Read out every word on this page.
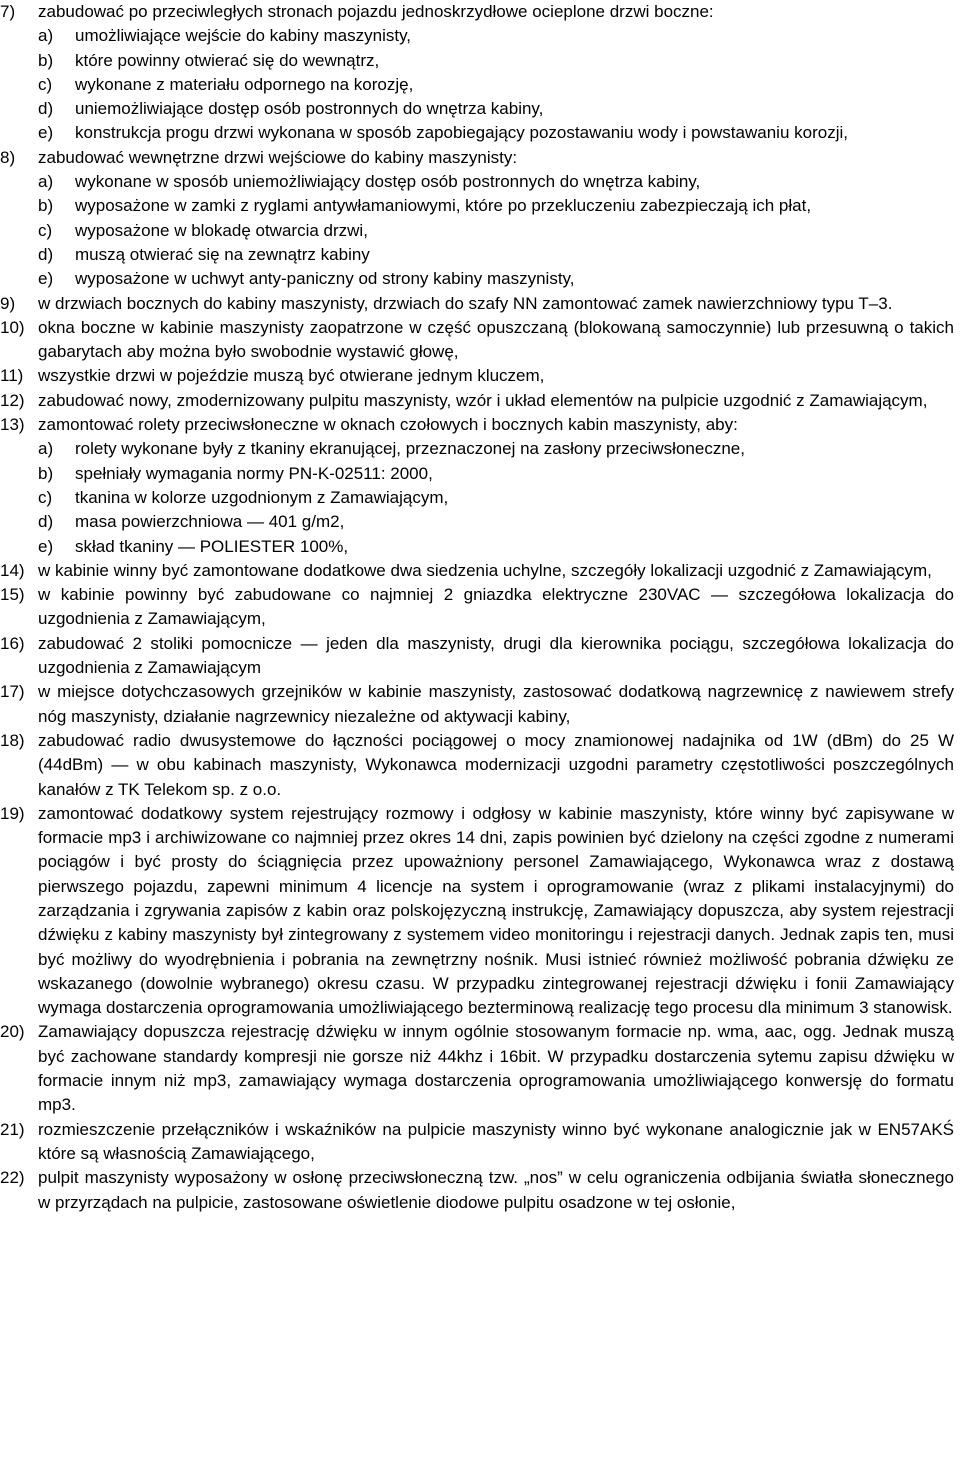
7)	zabudować po przeciwległych stronach pojazdu jednoskrzydłowe ocieplone drzwi boczne:
a)	umożliwiające wejście do kabiny maszynisty,
b)	które powinny otwierać się do wewnątrz,
c)	wykonane z materiału odpornego na korozję,
d)	uniemożliwiające dostęp osób postronnych do wnętrza kabiny,
e)	konstrukcja progu drzwi wykonana w sposób zapobiegający pozostawaniu wody i powstawaniu korozji,
8)	zabudować wewnętrzne drzwi wejściowe do kabiny maszynisty:
a)	wykonane w sposób uniemożliwiający dostęp osób postronnych do wnętrza kabiny,
b)	wyposażone w zamki z ryglami antywłamaniowymi, które po przekluczeniu zabezpieczają ich płat,
c)	wyposażone w blokadę otwarcia drzwi,
d)	muszą otwierać się na zewnątrz kabiny
e)	wyposażone w uchwyt anty-paniczny od strony kabiny maszynisty,
9)	w drzwiach bocznych do kabiny maszynisty, drzwiach do szafy NN zamontować zamek nawierzchniowy typu T–3.
10) okna boczne w kabinie maszynisty zaopatrzone w część opuszczaną (blokowaną samoczynnie) lub przesuwną o takich gabarytach aby można było swobodnie wystawić głowę,
11) wszystkie drzwi w pojeździe muszą być otwierane jednym kluczem,
12) zabudować nowy, zmodernizowany pulpitu maszynisty, wzór i układ elementów na pulpicie uzgodnić z Zamawiającym,
13) zamontować rolety przeciwsłoneczne w oknach czołowych i bocznych kabin maszynisty, aby:
a)	rolety wykonane były z tkaniny ekranującej, przeznaczonej na zasłony przeciwsłoneczne,
b)	spełniały wymagania normy PN-K-02511: 2000,
c)	tkanina w kolorze uzgodnionym z Zamawiającym,
d)	masa powierzchniowa — 401 g/m2,
e)	skład tkaniny — POLIESTER 100%,
14) w kabinie winny być zamontowane dodatkowe dwa siedzenia uchylne, szczegóły lokalizacji uzgodnić z Zamawiającym,
15) w kabinie powinny być zabudowane co najmniej 2 gniazdka elektryczne 230VAC — szczegółowa lokalizacja do uzgodnienia z Zamawiającym,
16) zabudować 2 stoliki pomocnicze — jeden dla maszynisty, drugi dla kierownika pociągu, szczegółowa lokalizacja do uzgodnienia z Zamawiającym
17) w miejsce dotychczasowych grzejników w kabinie maszynisty, zastosować dodatkową nagrzewnicę z nawiewem strefy nóg maszynisty, działanie nagrzewnicy niezależne od aktywacji kabiny,
18) zabudować radio dwusystemowe do łączności pociągowej o mocy znamionowej nadajnika od 1W (dBm) do 25 W (44dBm) — w obu kabinach maszynisty, Wykonawca modernizacji uzgodni parametry częstotliwości poszczególnych kanałów z TK Telekom sp. z o.o.
19) zamontować dodatkowy system rejestrujący rozmowy i odgłosy w kabinie maszynisty, które winny być zapisywane w formacie mp3 i archiwizowane co najmniej przez okres 14 dni, zapis powinien być dzielony na części zgodne z numerami pociągów i być prosty do ściągnięcia przez upoważniony personel Zamawiającego, Wykonawca wraz z dostawą pierwszego pojazdu, zapewni minimum 4 licencje na system i oprogramowanie (wraz z plikami instalacyjnymi) do zarządzania i zgrywania zapisów z kabin oraz polskojęzyczną instrukcję, Zamawiający dopuszcza, aby system rejestracji dźwięku z kabiny maszynisty był zintegrowany z systemem video monitoringu i rejestracji danych. Jednak zapis ten, musi być możliwy do wyodrębnienia i pobrania na zewnętrzny nośnik. Musi istnieć również możliwość pobrania dźwięku ze wskazanego (dowolnie wybranego) okresu czasu. W przypadku zintegrowanej rejestracji dźwięku i fonii Zamawiający wymaga dostarczenia oprogramowania umożliwiającego bezterminową realizację tego procesu dla minimum 3 stanowisk.
20) Zamawiający dopuszcza rejestrację dźwięku w innym ogólnie stosowanym formacie np. wma, aac, ogg. Jednak muszą być zachowane standardy kompresji nie gorsze niż 44khz i 16bit. W przypadku dostarczenia sytemu zapisu dźwięku w formacie innym niż mp3, zamawiający wymaga dostarczenia oprogramowania umożliwiającego konwersję do formatu mp3.
21) rozmieszczenie przełączników i wskaźników na pulpicie maszynisty winno być wykonane analogicznie jak w EN57AKŚ które są własnością Zamawiającego,
22) pulpit maszynisty wyposażony w osłonę przeciwsłoneczną tzw. „nos” w celu ograniczenia odbijania światła słonecznego w przyrządach na pulpicie, zastosowane oświetlenie diodowe pulpitu osadzone w tej osłonie,
